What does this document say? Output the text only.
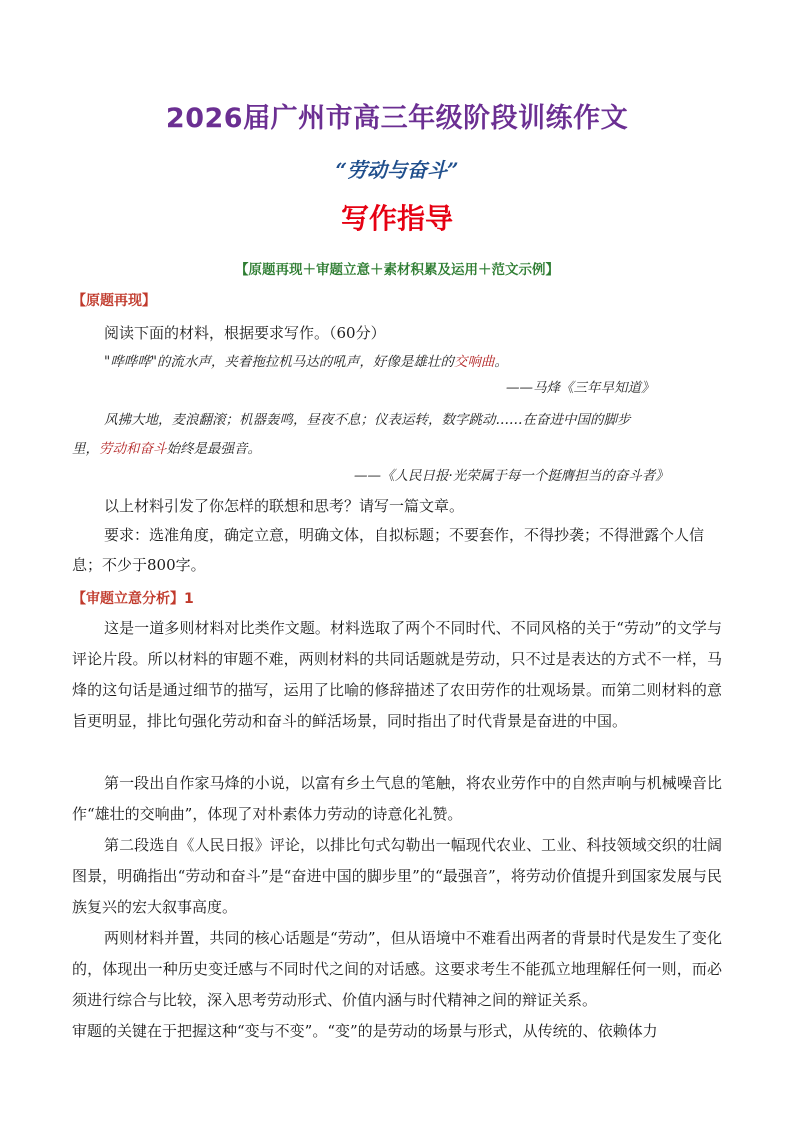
2026届广州市高三年级阶段训练作文
“劳动与奋斗”
写作指导
【原题再现＋审题立意＋素材积累及运用＋范文示例】
【原题再现】
阅读下面的材料，根据要求写作。（60分）
"哗哗哗"的流水声，夹着拖拉机马达的吼声，好像是雄壮的交响曲。
——马烽《三年早知道》
风拂大地，麦浪翻滚；机器轰鸣，昼夜不息；仪表运转，数字跳动……在奋进中国的脚步
里，劳动和奋斗始终是最强音。
——《人民日报·光荣属于每一个挺膺担当的奋斗者》
以上材料引发了你怎样的联想和思考？请写一篇文章。
要求：选准角度，确定立意，明确文体，自拟标题；不要套作，不得抄袭；不得泄露个人信息；不少于800字。
【审题立意分析】1
这是一道多则材料对比类作文题。材料选取了两个不同时代、不同风格的关于“劳动”的文学与评论片段。所以材料的审题不难，两则材料的共同话题就是劳动，只不过是表达的方式不一样，马烽的这句话是通过细节的描写，运用了比喻的修辞描述了农田劳作的壮观场景。而第二则材料的意旨更明显，排比句强化劳动和奋斗的鲜活场景，同时指出了时代背景是奋进的中国。
第一段出自作家马烽的小说，以富有乡土气息的笔触，将农业劳作中的自然声响与机械噪音比作“雄壮的交响曲”，体现了对朴素体力劳动的诗意化礼赞。
第二段选自《人民日报》评论，以排比句式勾勒出一幅现代农业、工业、科技领域交织的壮阔图景，明确指出“劳动和奋斗”是“奋进中国的脚步里”的“最强音”，将劳动价值提升到国家发展与民族复兴的宏大叙事高度。
两则材料并置，共同的核心话题是“劳动”，但从语境中不难看出两者的背景时代是发生了变化的，体现出一种历史变迁感与不同时代之间的对话感。这要求考生不能孤立地理解任何一则，而必须进行综合与比较，深入思考劳动形式、价值内涵与时代精神之间的辩证关系。
审题的关键在于把握这种“变与不变”。“变”的是劳动的场景与形式，从传统的、依赖体力
